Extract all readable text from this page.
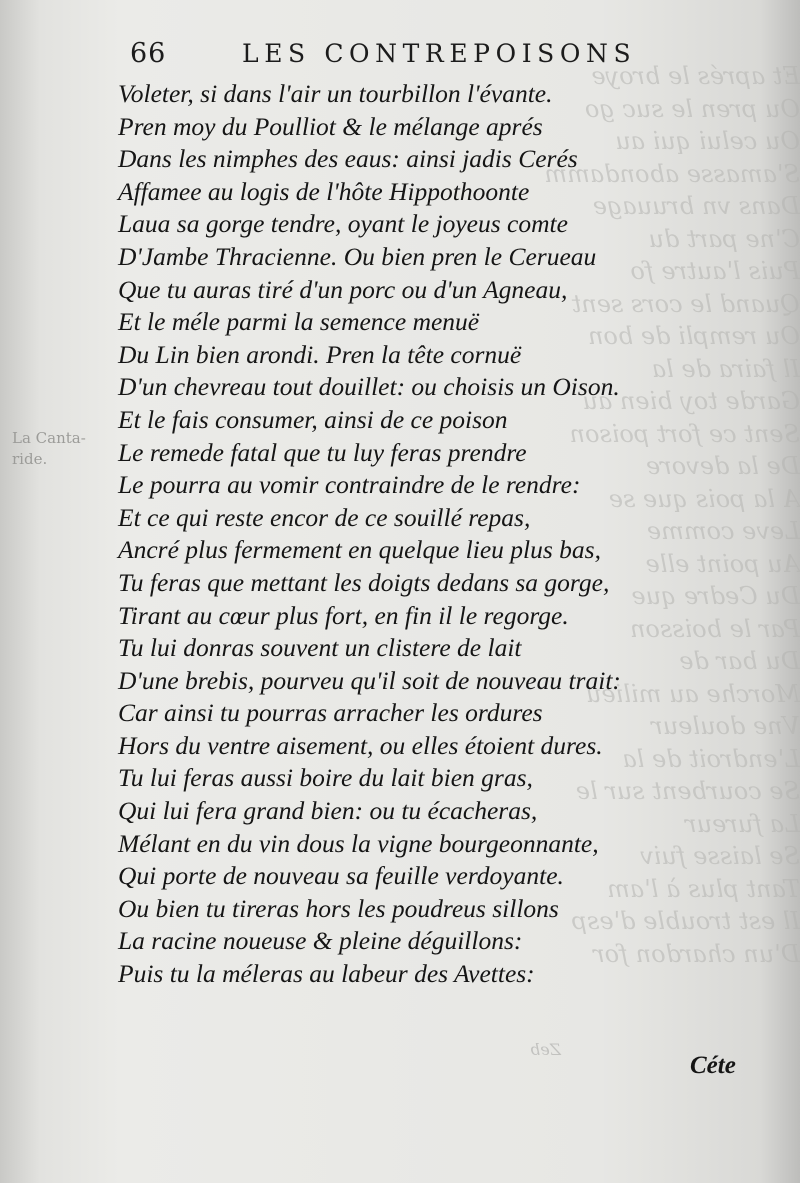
Et aprés le broye
Ou pren le suc go
Ou celui qui au
S'amasse abondamm
Dans vn bruuage
C'ne part du
Puis l'autre fo
Quand le cors sent
Ou rempli de bon
Il faira de la
Garde toy bien au
Sent ce fort poison
De la devore
A la pois que se
Leve comme
Au point elle
Du Cedre que
Par le boisson
Du bar de
Morche au milieu
Vne douleur
L'endroit de la
Se courbent sur le
La fureur
Se laisse fuiv
Tant plus à l'am
Il est trouble d'esp
D'un chardon for
66	LES CONTREPOISONS
La Canta-
ride.
Voleter, si dans l'air un tourbillon l'évante.
Pren moy du Poulliot & le mélange aprés
Dans les nimphes des eaus: ainsi jadis Cerés
Affamee au logis de l'hôte Hippothoonte
Laua sa gorge tendre, oyant le joyeus comte
D'Jambe Thracienne. Ou bien pren le Cerueau
Que tu auras tiré d'un porc ou d'un Agneau,
Et le méle parmi la semence menuë
Du Lin bien arondi. Pren la tête cornuë
D'un chevreau tout douillet: ou choisis un Oison.
Et le fais consumer, ainsi de ce poison
Le remede fatal que tu luy feras prendre
Le pourra au vomir contraindre de le rendre:
Et ce qui reste encor de ce souillé repas,
Ancré plus fermement en quelque lieu plus bas,
Tu feras que mettant les doigts dedans sa gorge,
Tirant au cœur plus fort, en fin il le regorge.
Tu lui donras souvent un clistere de lait
D'une brebis, pourveu qu'il soit de nouveau trait:
Car ainsi tu pourras arracher les ordures
Hors du ventre aisement, ou elles étoient dures.
Tu lui feras aussi boire du lait bien gras,
Qui lui fera grand bien: ou tu écacheras,
Mélant en du vin dous la vigne bourgeonnante,
Qui porte de nouveau sa feuille verdoyante.
Ou bien tu tireras hors les poudreus sillons
La racine noueuse & pleine déguillons:
Puis tu la méleras au labeur des Avettes:
Zeb
Céte
